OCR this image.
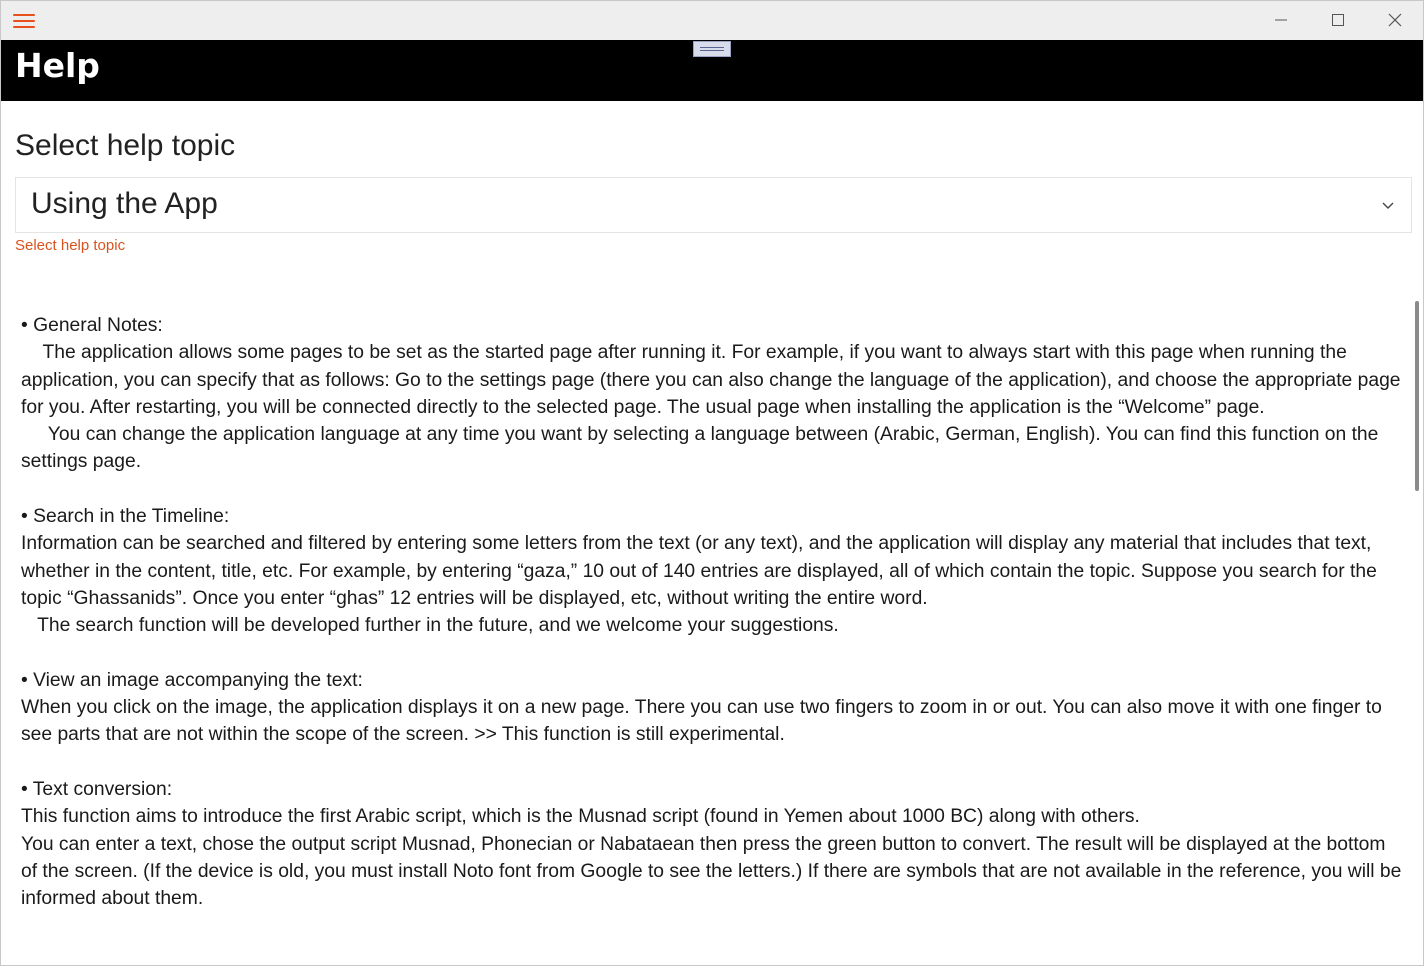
Help
Select help topic
Using the App
Select help topic

• General Notes:

The application allows some pages to be set as the started page after running it. For example, if you want to always start with this page when running the application, you can specify that as follows: Go to the settings page (there you can also change the language of the application), and choose the appropriate page for you. After restarting, you will be connected directly to the selected page. The usual page when installing the application is the “Welcome” page.

You can change the application language at any time you want by selecting a language between (Arabic, German, English). You can find this function on the settings page.

• Search in the Timeline:

Information can be searched and filtered by entering some letters from the text (or any text), and the application will display any material that includes that text, whether in the content, title, etc. For example, by entering “gaza,” 10 out of 140 entries are displayed, all of which contain the topic. Suppose you search for the topic “Ghassanids”. Once you enter “ghas” 12 entries will be displayed, etc, without writing the entire word.

The search function will be developed further in the future, and we welcome your suggestions.

• View an image accompanying the text:

When you click on the image, the application displays it on a new page. There you can use two fingers to zoom in or out. You can also move it with one finger to see parts that are not within the scope of the screen. >> This function is still experimental.

• Text conversion:

This function aims to introduce the first Arabic script, which is the Musnad script (found in Yemen about 1000 BC) along with others.

You can enter a text, chose the output script Musnad, Phonecian or Nabataean then press the green button to convert. The result will be displayed at the bottom of the screen. (If the device is old, you must install Noto font from Google to see the letters.) If there are symbols that are not available in the reference, you will be informed about them.
